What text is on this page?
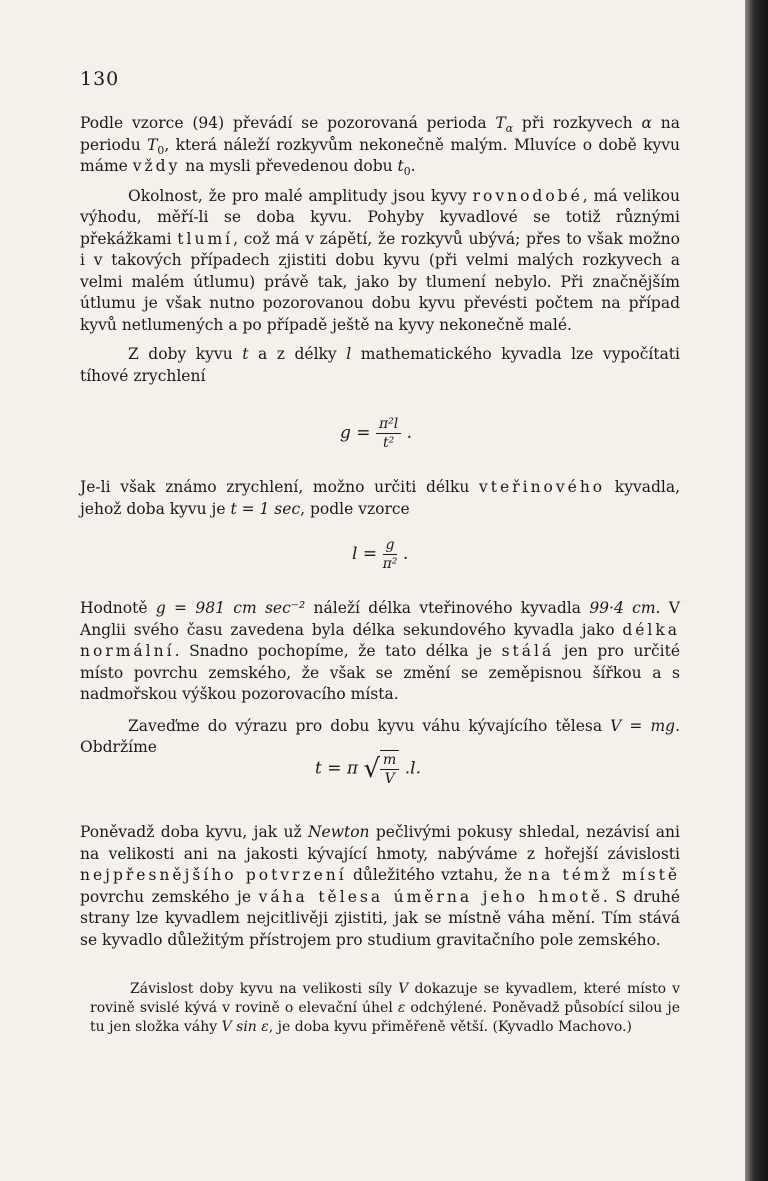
130

Podle vzorce (94) převádí se pozorovaná perioda $T_\alpha$ při rozkyvech α na periodu $T_0$, která náleží rozkyvům nekonečně malým. Mluvíce o době kyvu máme vždy na mysli převedenou dobu $t_0$.

Okolnost, že pro malé amplitudy jsou kyvy rovnodobé, má velikou výhodu, měří-li se doba kyvu. Pohyby kyvadlové se totiž různými překážkami tlumí, což má v zápětí, že rozkyvů ubývá; přes to však možno i v takových případech zjistiti dobu kyvu (při velmi malých rozkyvech a velmi malém útlumu) právě tak, jako by tlumení nebylo. Při značnějším útlumu je však nutno pozorovanou dobu kyvu převésti počtem na případ kyvů netlumených a po případě ještě na kyvy nekonečně malé.

Z doby kyvu t a z délky l mathematického kyvadla lze vypočítati tíhové zrychlení

$g = \frac{\text{π²l}}{\text{t²}}$ .

Je-li však známo zrychlení, možno určiti délku vteřinového kyvadla, jehož doba kyvu je t = 1 sec, podle vzorce

$l = \frac{g}{\text{π²}}$ .

Hodnotě g = 981 cm sec⁻² náleží délka vteřinového kyvadla 99·4 cm. V Anglii svého času zavedena byla délka sekundového kyvadla jako délka normální. Snadno pochopíme, že tato délka je stálá jen pro určité místo povrchu zemského, že však se změní se zeměpisnou šířkou a s nadmořskou výškou pozorovacího místa.

Zaveďme do výrazu pro dobu kyvu váhu kývajícího tělesa V = mg. Obdržíme

t = π √ $\frac{m}{V} .l$.

Poněvadž doba kyvu, jak už Newton pečlivými pokusy shledal, nezávisí ani na velikosti ani na jakosti kývající hmoty, nabýváme z hořejší závislosti nejpřesnějšího potvrzení důležitého vztahu, že na témž místě povrchu zemského je váha tělesa úměrna jeho hmotě. S druhé strany lze kyvadlem nejcitlivěji zjistiti, jak se místně váha mění. Tím stává se kyvadlo důležitým přístrojem pro studium gravitačního pole zemského.

Závislost doby kyvu na velikosti síly V dokazuje se kyvadlem, které místo v rovině svislé kývá v rovině o elevační úhel ε odchýlené. Poněvadž působící silou je tu jen složka váhy V sin ε, je doba kyvu přiměřeně větší. (Kyvadlo Machovo.)
